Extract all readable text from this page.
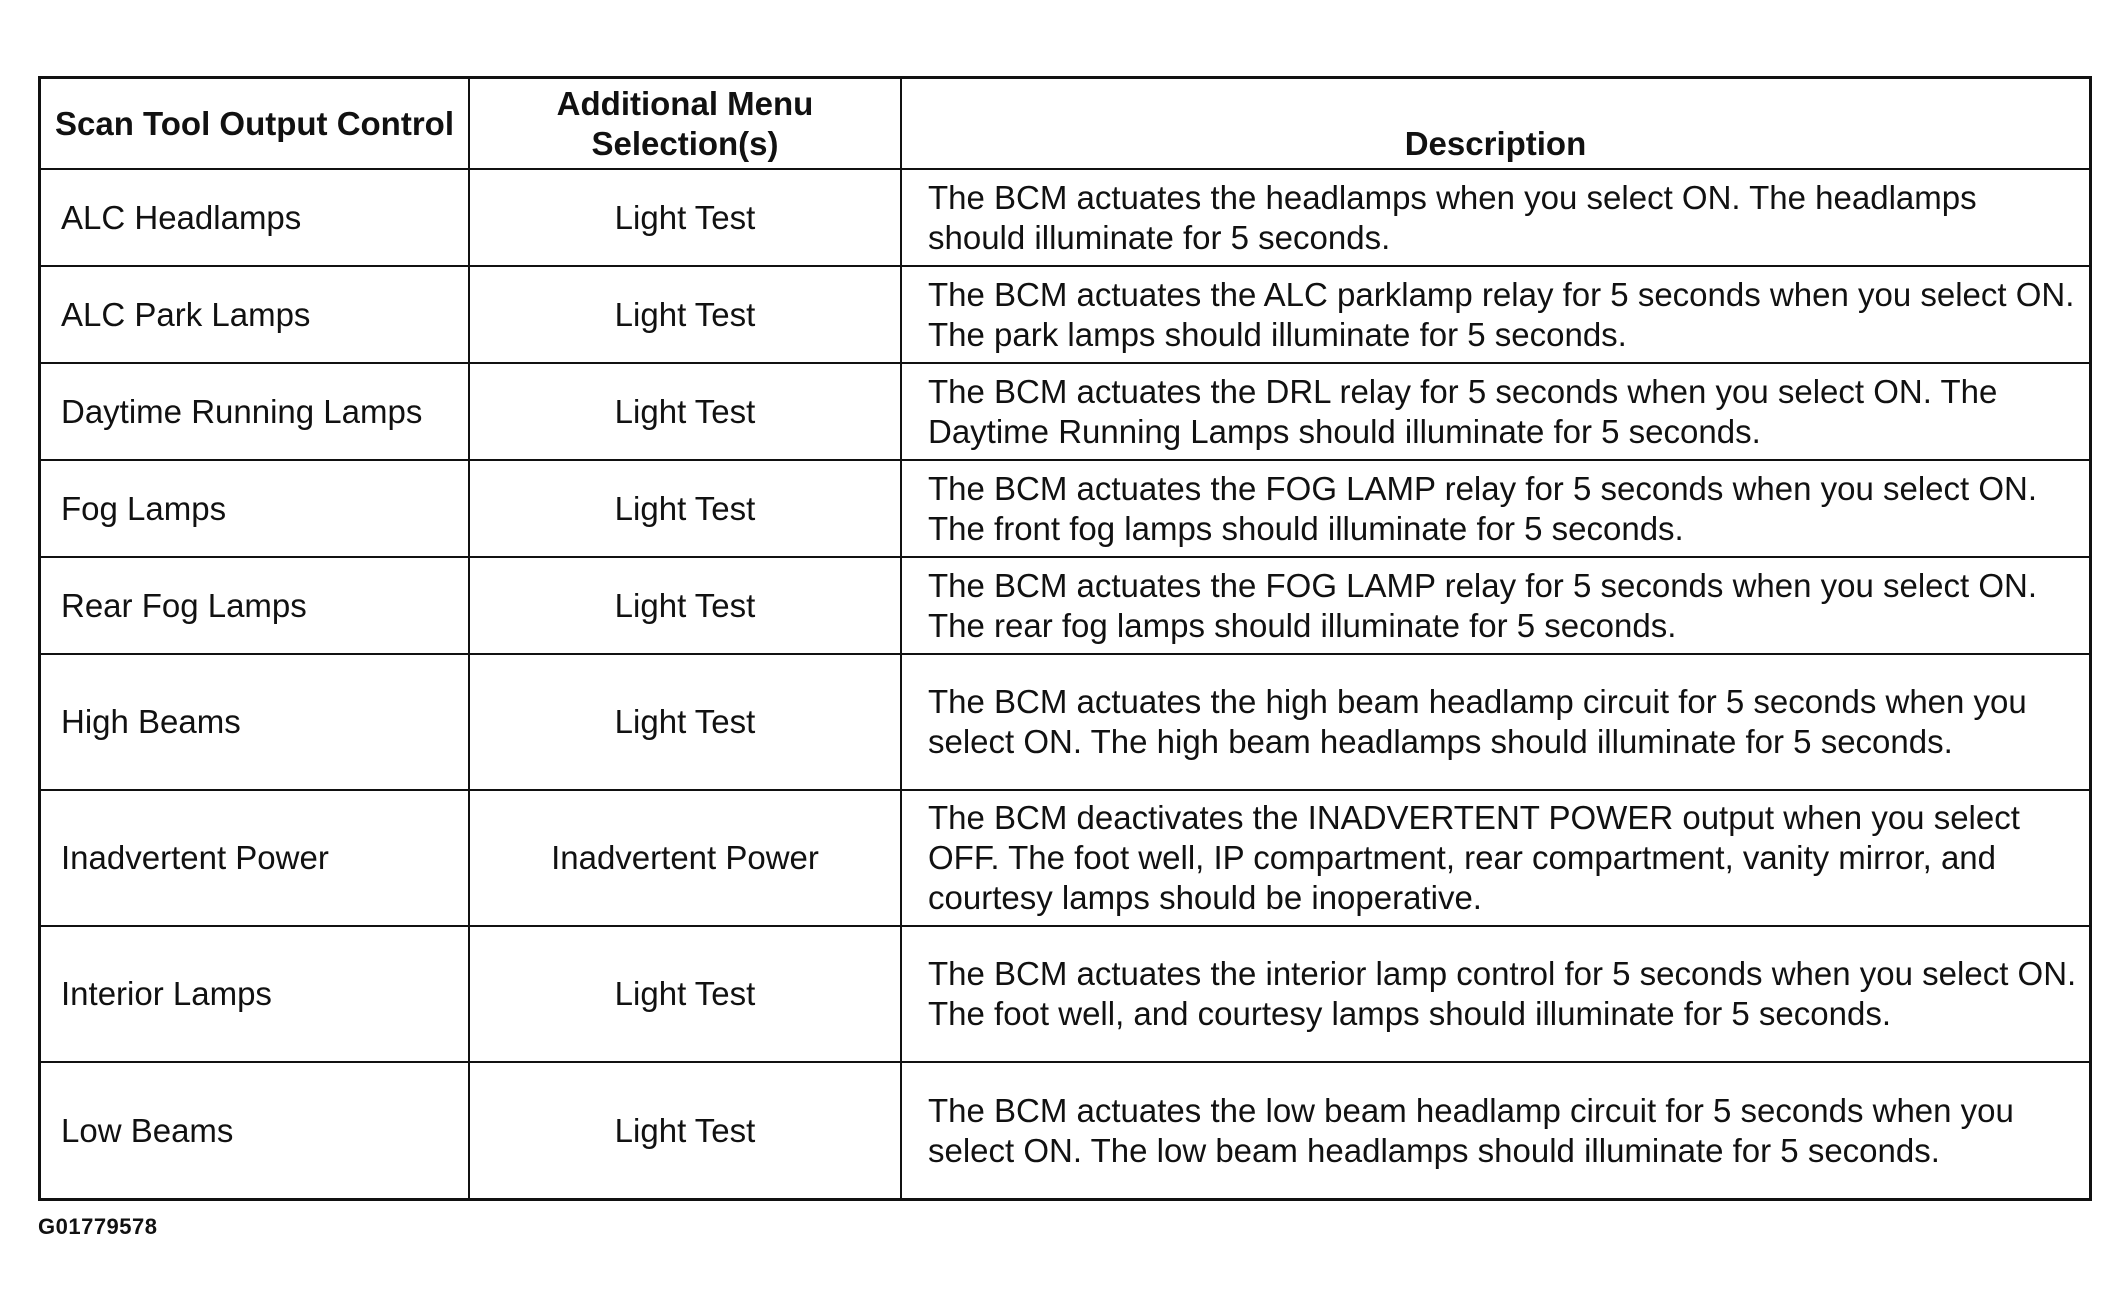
Scan Tool Output Control	Additional Menu Selection(s)	Description
ALC Headlamps	Light Test	The BCM actuates the headlamps when you select ON. The headlamps should illuminate for 5 seconds.
ALC Park Lamps	Light Test	The BCM actuates the ALC parklamp relay for 5 seconds when you select ON. The park lamps should illuminate for 5 seconds.
Daytime Running Lamps	Light Test	The BCM actuates the DRL relay for 5 seconds when you select ON. The Daytime Running Lamps should illuminate for 5 seconds.
Fog Lamps	Light Test	The BCM actuates the FOG LAMP relay for 5 seconds when you select ON. The front fog lamps should illuminate for 5 seconds.
Rear Fog Lamps	Light Test	The BCM actuates the FOG LAMP relay for 5 seconds when you select ON. The rear fog lamps should illuminate for 5 seconds.
High Beams	Light Test	The BCM actuates the high beam headlamp circuit for 5 seconds when you select ON. The high beam headlamps should illuminate for 5 seconds.
Inadvertent Power	Inadvertent Power	The BCM deactivates the INADVERTENT POWER output when you select OFF. The foot well, IP compartment, rear compartment, vanity mirror, and courtesy lamps should be inoperative.
Interior Lamps	Light Test	The BCM actuates the interior lamp control for 5 seconds when you select ON. The foot well, and courtesy lamps should illuminate for 5 seconds.
Low Beams	Light Test	The BCM actuates the low beam headlamp circuit for 5 seconds when you select ON. The low beam headlamps should illuminate for 5 seconds.
G01779578
